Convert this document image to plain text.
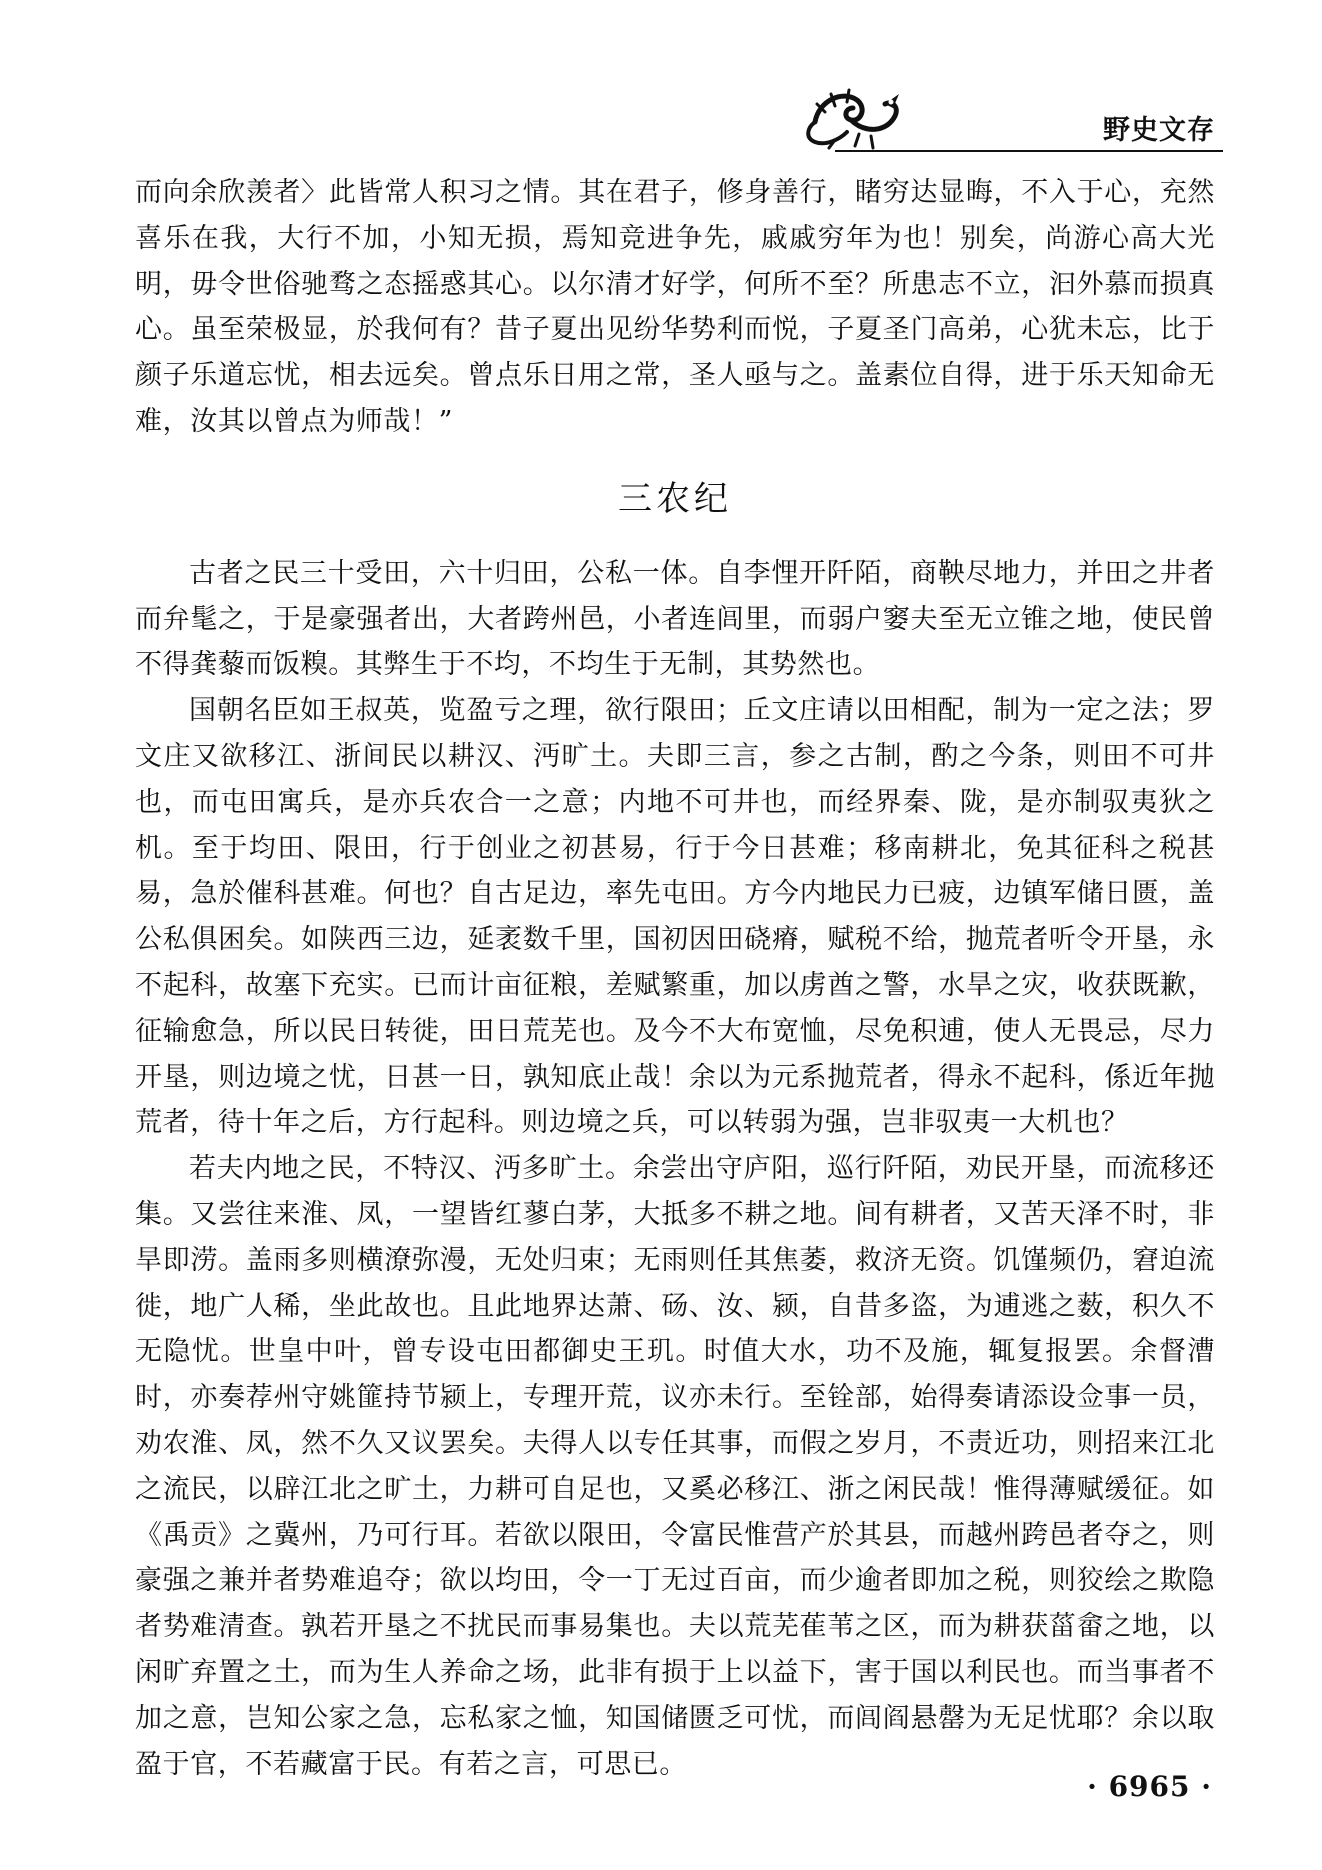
野史文存

而向余欣羡者〉此皆常人积习之情。其在君子，修身善行，睹穷达显晦，不入于心，充然喜乐在我，大行不加，小知无损，焉知竞进争先，戚戚穷年为也！别矣，尚游心高大光明，毋令世俗驰骛之态摇惑其心。以尔清才好学，何所不至？所患志不立，汩外慕而损真心。虽至荣极显，於我何有？昔子夏出见纷华势利而悦，子夏圣门高弟，心犹未忘，比于颜子乐道忘忧，相去远矣。曾点乐日用之常，圣人亟与之。盖素位自得，进于乐天知命无难，汝其以曾点为师哉！”

三农纪

古者之民三十受田，六十归田，公私一体。自李悝开阡陌，商鞅尽地力，并田之井者而弁髦之，于是豪强者出，大者跨州邑，小者连闾里，而弱户窭夫至无立锥之地，使民曾不得龚藜而饭糗。其弊生于不均，不均生于无制，其势然也。

国朝名臣如王叔英，览盈亏之理，欲行限田；丘文庄请以田相配，制为一定之法；罗文庄又欲移江、浙间民以耕汉、沔旷土。夫即三言，参之古制，酌之今条，则田不可井也，而屯田寓兵，是亦兵农合一之意；内地不可井也，而经界秦、陇，是亦制驭夷狄之机。至于均田、限田，行于创业之初甚易，行于今日甚难；移南耕北，免其征科之税甚易，急於催科甚难。何也？自古足边，率先屯田。方今内地民力已疲，边镇军储日匮，盖公私俱困矣。如陕西三边，延袤数千里，国初因田硗瘠，赋税不给，抛荒者听令开垦，永不起科，故塞下充实。已而计亩征粮，差赋繁重，加以虏酋之警，水旱之灾，收获既歉，征输愈急，所以民日转徙，田日荒芜也。及今不大布宽恤，尽免积逋，使人无畏忌，尽力开垦，则边境之忧，日甚一日，孰知底止哉！余以为元系抛荒者，得永不起科，係近年抛荒者，待十年之后，方行起科。则边境之兵，可以转弱为强，岂非驭夷一大机也？

若夫内地之民，不特汉、沔多旷土。余尝出守庐阳，巡行阡陌，劝民开垦，而流移还集。又尝往来淮、凤，一望皆红蓼白茅，大抵多不耕之地。间有耕者，又苦天泽不时，非旱即涝。盖雨多则横潦弥漫，无处归束；无雨则任其焦萎，救济无资。饥馑频仍，窘迫流徙，地广人稀，坐此故也。且此地界达萧、砀、汝、颍，自昔多盗，为逋逃之薮，积久不无隐忧。世皇中叶，曾专设屯田都御史王玑。时值大水，功不及施，辄复报罢。余督漕时，亦奏荐州守姚篚持节颍上，专理开荒，议亦未行。至铨部，始得奏请添设佥事一员，劝农淮、凤，然不久又议罢矣。夫得人以专任其事，而假之岁月，不责近功，则招来江北之流民，以辟江北之旷土，力耕可自足也，又奚必移江、浙之闲民哉！惟得薄赋缓征。如《禹贡》之冀州，乃可行耳。若欲以限田，令富民惟营产於其县，而越州跨邑者夺之，则豪强之兼并者势难追夺；欲以均田，令一丁无过百亩，而少逾者即加之税，则狡绘之欺隐者势难清查。孰若开垦之不扰民而事易集也。夫以荒芜萑苇之区，而为耕获菑畲之地，以闲旷弃置之土，而为生人养命之场，此非有损于上以益下，害于国以利民也。而当事者不加之意，岂知公家之急，忘私家之恤，知国储匮乏可忧，而闾阎悬罄为无足忧耶？余以取盈于官，不若藏富于民。有若之言，可思已。

· 6965 ·
